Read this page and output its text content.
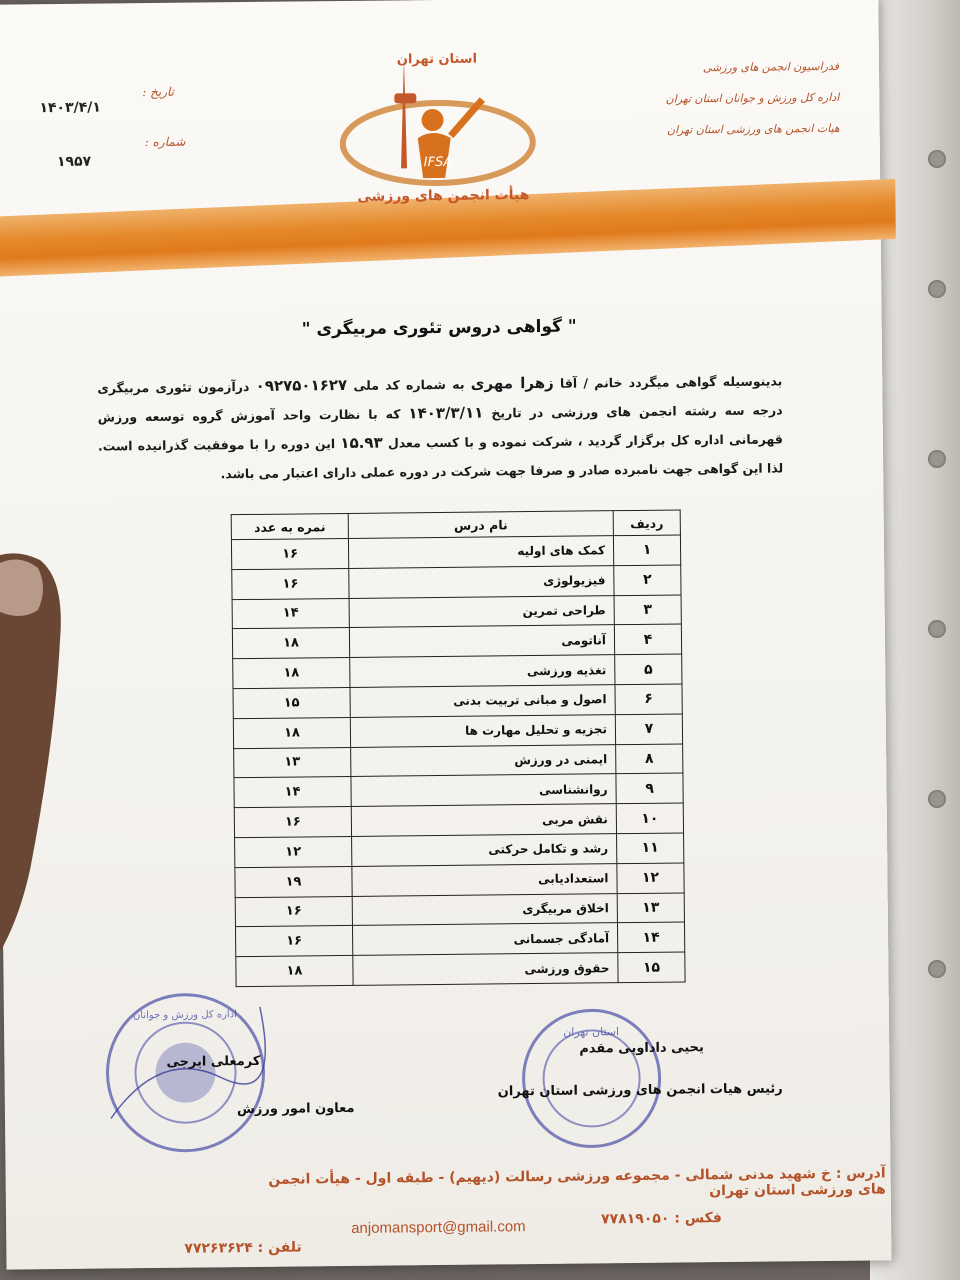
IFSA
استان تهران
هیأت انجمن های ورزشی
فدراسیون انجمن های ورزشی
اداره کل ورزش و جوانان استان تهران
هیات انجمن های ورزشی استان تهران
تاریخ :
۱۴۰۳/۴/۱
شماره :
۱۹۵۷
" گواهی دروس تئوری مربیگری "
بدینوسیله گواهی میگردد خانم / آقا زهرا مهری به شماره کد ملی ۰۹۲۷۵۰۱۶۲۷ درآزمون تئوری مربیگری درجه سه رشته انجمن های ورزشی در تاریخ ۱۴۰۳/۳/۱۱ که با نظارت واحد آموزش گروه توسعه ورزش قهرمانی اداره کل برگزار گردید ، شرکت نموده و با کسب معدل ۱۵.۹۳ این دوره را با موفقیت گذرانیده است. لذا این گواهی جهت نامبرده صادر و صرفا جهت شرکت در دوره عملی دارای اعتبار می باشد.
ردیف	نام درس	نمره به عدد
۱	کمک های اولیه	۱۶
۲	فیزیولوژی	۱۶
۳	طراحی تمرین	۱۴
۴	آناتومی	۱۸
۵	تغذیه ورزشی	۱۸
۶	اصول و مبانی تربیت بدنی	۱۵
۷	تجزیه و تحلیل مهارت ها	۱۸
۸	ایمنی در ورزش	۱۳
۹	روانشناسی	۱۴
۱۰	نقش مربی	۱۶
۱۱	رشد و تکامل حرکتی	۱۲
۱۲	استعدادیابی	۱۹
۱۳	اخلاق مربیگری	۱۶
۱۴	آمادگی جسمانی	۱۶
۱۵	حقوق ورزشی	۱۸
استان تهران
اداره کل ورزش و جوانان
یحیی داداوپی مقدم
رئیس هیات انجمن های ورزشی استان تهران
کرمعلی ایرجی
معاون امور ورزش
آدرس : خ شهید مدنی شمالی - مجموعه ورزشی رسالت (دیهیم) - طبقه اول - هیأت انجمن های ورزشی استان تهران
فکس : ۷۷۸۱۹۰۵۰
anjomansport@gmail.com
تلفن : ۷۷۲۶۳۶۲۴
